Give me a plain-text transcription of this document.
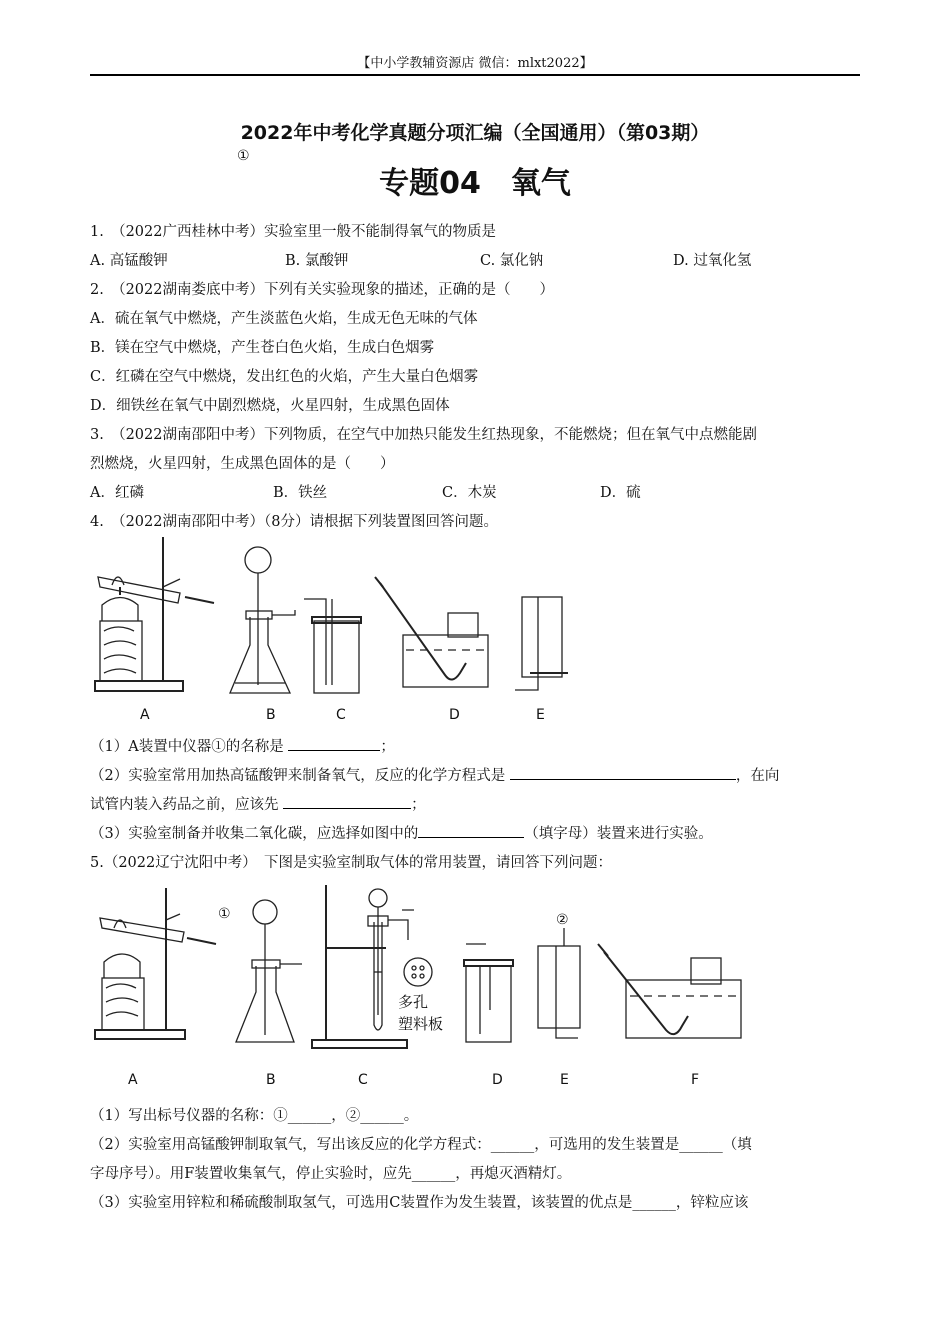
【中小学教辅资源店 微信：mlxt2022】
2022年中考化学真题分项汇编（全国通用）（第03期）
专题04　氧气
1.　（2022广西桂林中考）实验室里一般不能制得氧气的物质是
A. 高锰酸钾	B. 氯酸钾	C. 氯化钠	D. 过氧化氢
2.　（2022湖南娄底中考）下列有关实验现象的描述，正确的是（　　）
A．硫在氧气中燃烧，产生淡蓝色火焰，生成无色无味的气体
B．镁在空气中燃烧，产生苍白色火焰，生成白色烟雾
C．红磷在空气中燃烧，发出红色的火焰，产生大量白色烟雾
D．细铁丝在氧气中剧烈燃烧，火星四射，生成黑色固体
3.　（2022湖南邵阳中考）下列物质，在空气中加热只能发生红热现象，不能燃烧；但在氧气中点燃能剧
烈燃烧，火星四射，生成黑色固体的是（　　）
A．红磷	B．铁丝	C．木炭	D．硫
4.　（2022湖南邵阳中考）（8分）请根据下列装置图回答问题。
①
A	B	C	D	E
（1）A装置中仪器①的名称是	；
（2）实验室常用加热高锰酸钾来制备氧气，反应的化学方程式是	，在向
试管内装入药品之前，应该先	；
（3）实验室制备并收集二氧化碳，应选择如图中的	（填字母）装置来进行实验。
5.（2022辽宁沈阳中考）　下图是实验室制取气体的常用装置，请回答下列问题：
①	②
多孔
塑料板
A	B	C	D	E	F
（1）写出标号仪器的名称：①______，②______。
（2）实验室用高锰酸钾制取氧气，写出该反应的化学方程式：______，可选用的发生装置是______（填
字母序号）。用F装置收集氧气，停止实验时，应先______，再熄灭酒精灯。
（3）实验室用锌粒和稀硫酸制取氢气，可选用C装置作为发生装置，该装置的优点是______，锌粒应该
